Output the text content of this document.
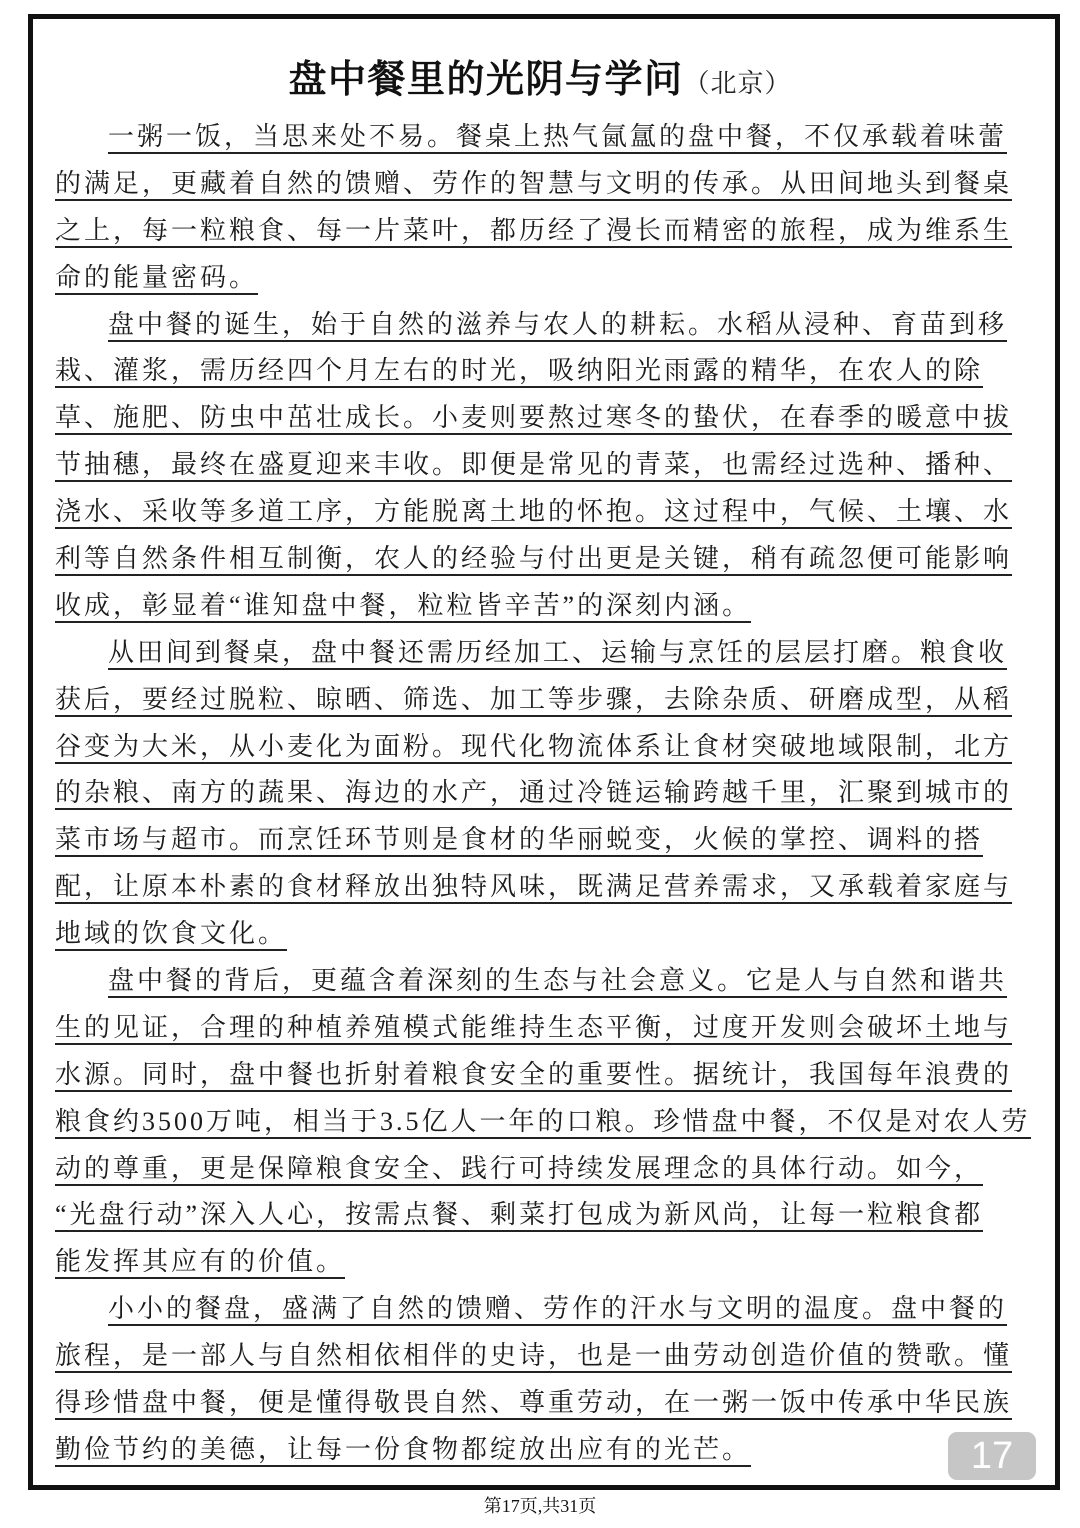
盘中餐里的光阴与学问（北京）
一粥一饭，当思来处不易。餐桌上热气氤氲的盘中餐，不仅承载着味蕾
的满足，更藏着自然的馈赠、劳作的智慧与文明的传承。从田间地头到餐桌
之上，每一粒粮食、每一片菜叶，都历经了漫长而精密的旅程，成为维系生
命的能量密码。
盘中餐的诞生，始于自然的滋养与农人的耕耘。水稻从浸种、育苗到移
栽、灌浆，需历经四个月左右的时光，吸纳阳光雨露的精华，在农人的除
草、施肥、防虫中茁壮成长。小麦则要熬过寒冬的蛰伏，在春季的暖意中拔
节抽穗，最终在盛夏迎来丰收。即便是常见的青菜，也需经过选种、播种、
浇水、采收等多道工序，方能脱离土地的怀抱。这过程中，气候、土壤、水
利等自然条件相互制衡，农人的经验与付出更是关键，稍有疏忽便可能影响
收成，彰显着“谁知盘中餐，粒粒皆辛苦”的深刻内涵。
从田间到餐桌，盘中餐还需历经加工、运输与烹饪的层层打磨。粮食收
获后，要经过脱粒、晾晒、筛选、加工等步骤，去除杂质、研磨成型，从稻
谷变为大米，从小麦化为面粉。现代化物流体系让食材突破地域限制，北方
的杂粮、南方的蔬果、海边的水产，通过冷链运输跨越千里，汇聚到城市的
菜市场与超市。而烹饪环节则是食材的华丽蜕变，火候的掌控、调料的搭
配，让原本朴素的食材释放出独特风味，既满足营养需求，又承载着家庭与
地域的饮食文化。
盘中餐的背后，更蕴含着深刻的生态与社会意义。它是人与自然和谐共
生的见证，合理的种植养殖模式能维持生态平衡，过度开发则会破坏土地与
水源。同时，盘中餐也折射着粮食安全的重要性。据统计，我国每年浪费的
粮食约3500万吨，相当于3.5亿人一年的口粮。珍惜盘中餐，不仅是对农人劳
动的尊重，更是保障粮食安全、践行可持续发展理念的具体行动。如今，
“光盘行动”深入人心，按需点餐、剩菜打包成为新风尚，让每一粒粮食都
能发挥其应有的价值。
小小的餐盘，盛满了自然的馈赠、劳作的汗水与文明的温度。盘中餐的
旅程，是一部人与自然相依相伴的史诗，也是一曲劳动创造价值的赞歌。懂
得珍惜盘中餐，便是懂得敬畏自然、尊重劳动，在一粥一饭中传承中华民族
勤俭节约的美德，让每一份食物都绽放出应有的光芒。	17
第17页,共31页
